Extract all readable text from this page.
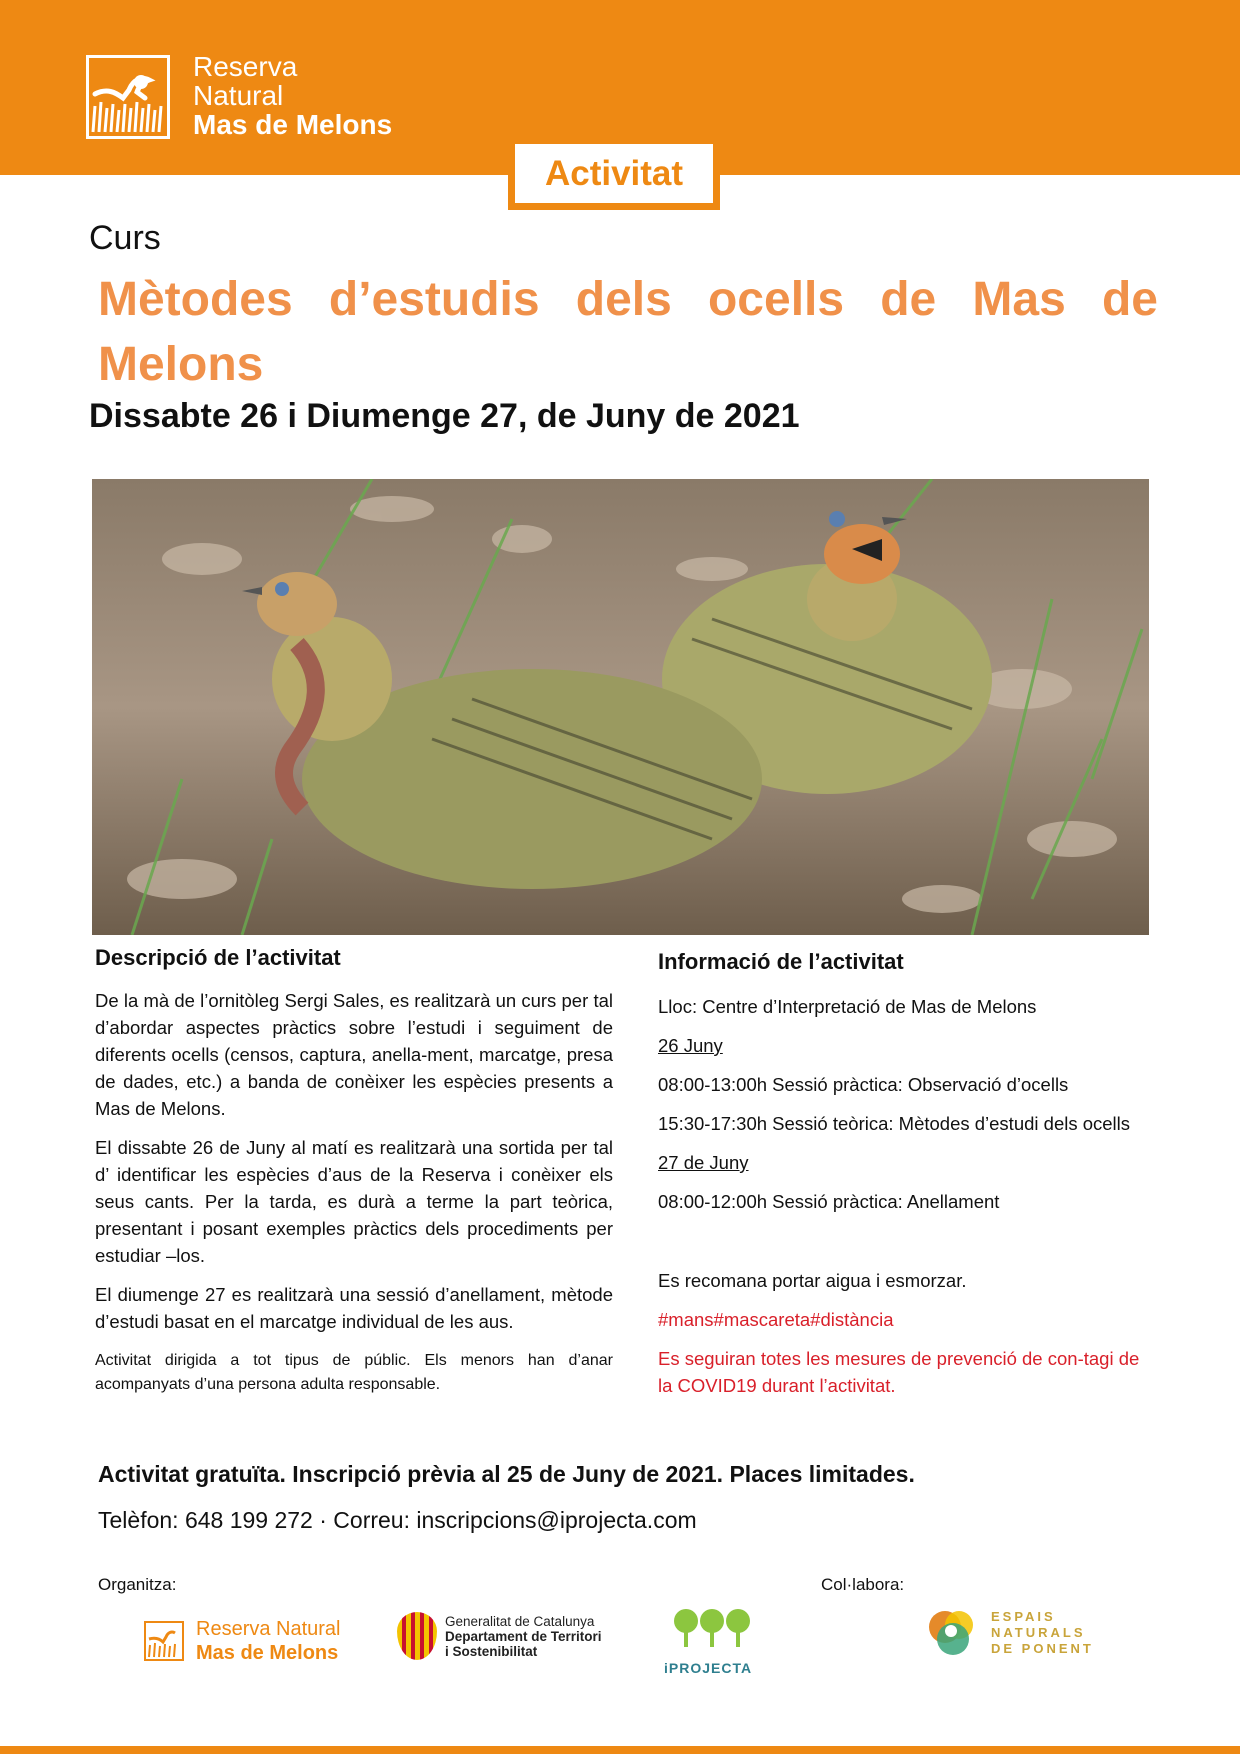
Reserva
Natural
Mas de Melons
Activitat
Curs
Mètodes d’estudis dels ocells de Mas de Melons
Dissabte 26 i Diumenge 27, de Juny de 2021
Descripció de l’activitat

De la mà de l’ornitòleg Sergi Sales, es realitzarà un curs per tal d’abordar aspectes pràctics sobre l’estudi i seguiment de diferents ocells (censos, captura, anella-ment, marcatge, presa de dades, etc.) a banda de conèixer les espècies presents a Mas de Melons.

El dissabte 26 de Juny al matí es realitzarà una sortida per tal d’ identificar les espècies d’aus de la Reserva i conèixer els seus cants. Per la tarda, es durà a terme la part teòrica, presentant i posant exemples pràctics dels procediments per estudiar –los.

El diumenge 27 es realitzarà una sessió d’anellament, mètode d’estudi basat en el marcatge individual de les aus.

Activitat dirigida a tot tipus de públic. Els menors han d’anar acompanyats d’una persona adulta responsable.

Informació de l’activitat

Lloc: Centre d’Interpretació de Mas de Melons

26 Juny

08:00-13:00h Sessió pràctica: Observació d’ocells

15:30-17:30h Sessió teòrica: Mètodes d’estudi dels ocells

27 de Juny

08:00-12:00h Sessió pràctica: Anellament

Es recomana portar aigua i esmorzar.

#mans#mascareta#distància

Es seguiran totes les mesures de prevenció de con-tagi de la COVID19 durant l’activitat.

Activitat gratuïta. Inscripció prèvia al 25 de Juny de 2021. Places limitades.
Telèfon: 648 199 272 · Correu: inscripcions@iprojecta.com
Organitza:	Col·labora:
Reserva Natural
Mas de Melons
Generalitat de Catalunya
Departament de Territori
i Sostenibilitat
iPROJECTA
ESPAIS
NATURALS
DE PONENT
